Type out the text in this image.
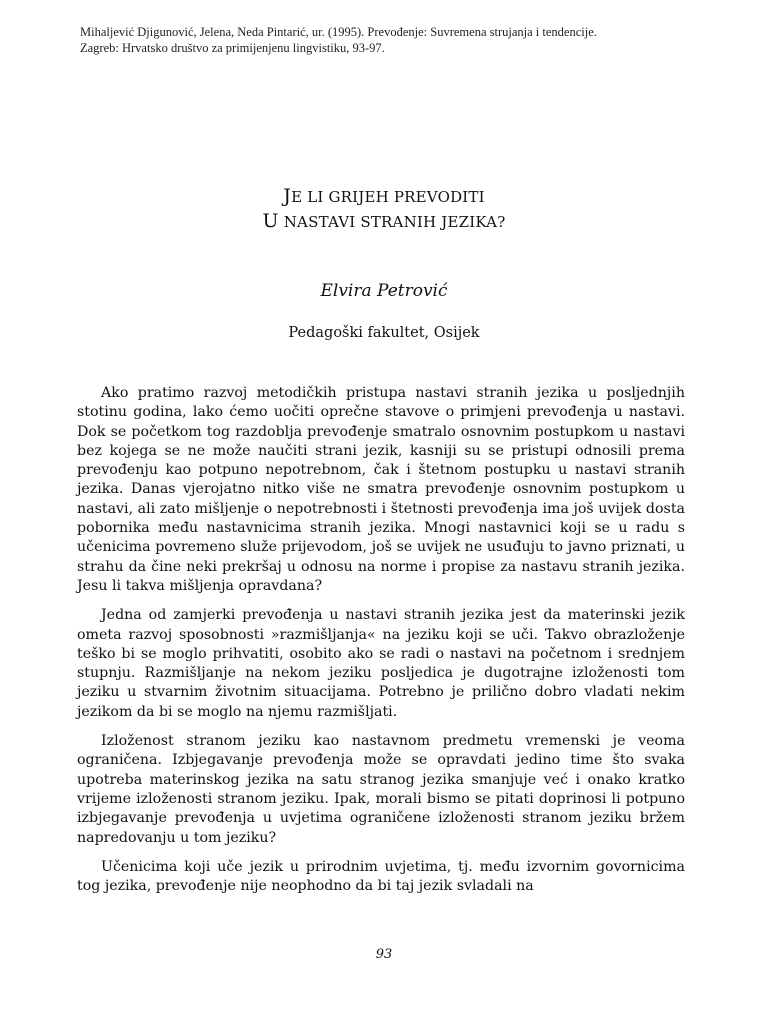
Mihaljević Djigunović, Jelena, Neda Pintarić, ur. (1995). Prevođenje: Suvremena strujanja i tendencije.
Zagreb: Hrvatsko društvo za primijenjenu lingvistiku, 93-97.
JE LI GRIJEH PREVODITI
U NASTAVI STRANIH JEZIKA?
Elvira Petrović
Pedagoški fakultet, Osijek

Ako pratimo razvoj metodičkih pristupa nastavi stranih jezika u posljednjih stotinu godina, lako ćemo uočiti oprečne stavove o primjeni prevođenja u nastavi. Dok se početkom tog razdoblja prevođenje smatralo osnovnim postupkom u nastavi bez kojega se ne može naučiti strani jezik, kasniji su se pristupi odnosili prema prevođenju kao potpuno nepotrebnom, čak i štetnom postupku u nastavi stranih jezika. Danas vjerojatno nitko više ne smatra prevođenje osnovnim postupkom u nastavi, ali zato mišljenje o nepotrebnosti i štetnosti prevođenja ima još uvijek dosta pobornika među nastavnicima stranih jezika. Mnogi nastavnici koji se u radu s učenicima povremeno služe prijevodom, još se uvijek ne usuđuju to javno priznati, u strahu da čine neki prekršaj u odnosu na norme i propise za nastavu stranih jezika. Jesu li takva mišljenja opravdana?

Jedna od zamjerki prevođenja u nastavi stranih jezika jest da materinski jezik ometa razvoj sposobnosti »razmišljanja« na jeziku koji se uči. Takvo obrazloženje teško bi se moglo prihvatiti, osobito ako se radi o nastavi na početnom i srednjem stupnju. Razmišljanje na nekom jeziku posljedica je dugotrajne izloženosti tom jeziku u stvarnim životnim situacijama. Potrebno je prilično dobro vladati nekim jezikom da bi se moglo na njemu razmišljati.

Izloženost stranom jeziku kao nastavnom predmetu vremenski je veoma ograničena. Izbjegavanje prevođenja može se opravdati jedino time što svaka upotreba materinskog jezika na satu stranog jezika smanjuje već i onako kratko vrijeme izloženosti stranom jeziku. Ipak, morali bismo se pitati doprinosi li potpuno izbjegavanje prevođenja u uvjetima ograničene izloženosti stranom jeziku bržem napredovanju u tom jeziku?

Učenicima koji uče jezik u prirodnim uvjetima, tj. među izvornim govornicima tog jezika, prevođenje nije neophodno da bi taj jezik svladali na

93
